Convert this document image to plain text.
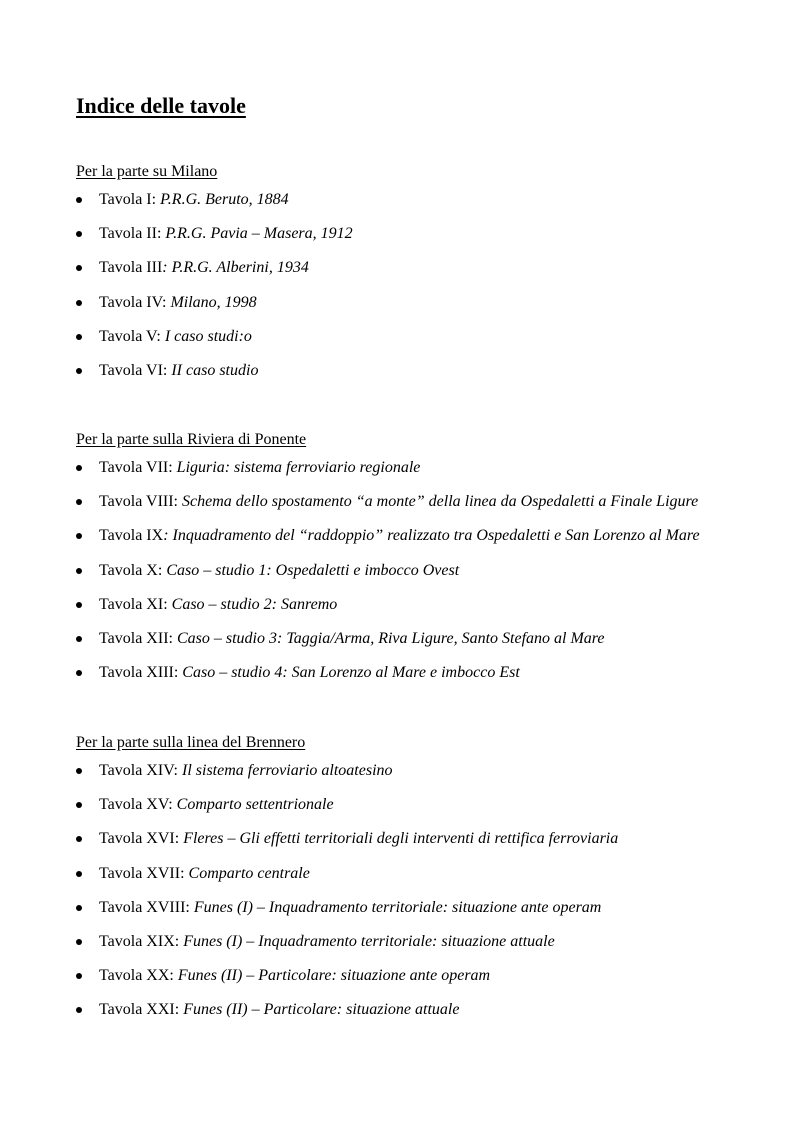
Indice delle tavole
Per la parte su Milano
Tavola I: P.R.G. Beruto, 1884
Tavola II: P.R.G. Pavia – Masera, 1912
Tavola III: P.R.G. Alberini, 1934
Tavola IV: Milano, 1998
Tavola V: I caso studi:o
Tavola VI: II caso studio
Per la parte sulla Riviera di Ponente
Tavola VII: Liguria: sistema ferroviario regionale
Tavola VIII: Schema dello spostamento “a monte” della linea da Ospedaletti a Finale Ligure
Tavola IX: Inquadramento del “raddoppio” realizzato tra Ospedaletti e San Lorenzo al Mare
Tavola X: Caso – studio 1: Ospedaletti e imbocco Ovest
Tavola XI: Caso – studio 2: Sanremo
Tavola XII: Caso – studio 3: Taggia/Arma, Riva Ligure, Santo Stefano al Mare
Tavola XIII: Caso – studio 4: San Lorenzo al Mare e imbocco Est
Per la parte sulla linea del Brennero
Tavola XIV: Il sistema ferroviario altoatesino
Tavola XV: Comparto settentrionale
Tavola XVI: Fleres – Gli effetti territoriali degli interventi di rettifica ferroviaria
Tavola XVII: Comparto centrale
Tavola XVIII: Funes (I) – Inquadramento territoriale: situazione ante operam
Tavola XIX: Funes (I) – Inquadramento territoriale: situazione attuale
Tavola XX: Funes (II) – Particolare: situazione ante operam
Tavola XXI: Funes (II) – Particolare: situazione attuale
